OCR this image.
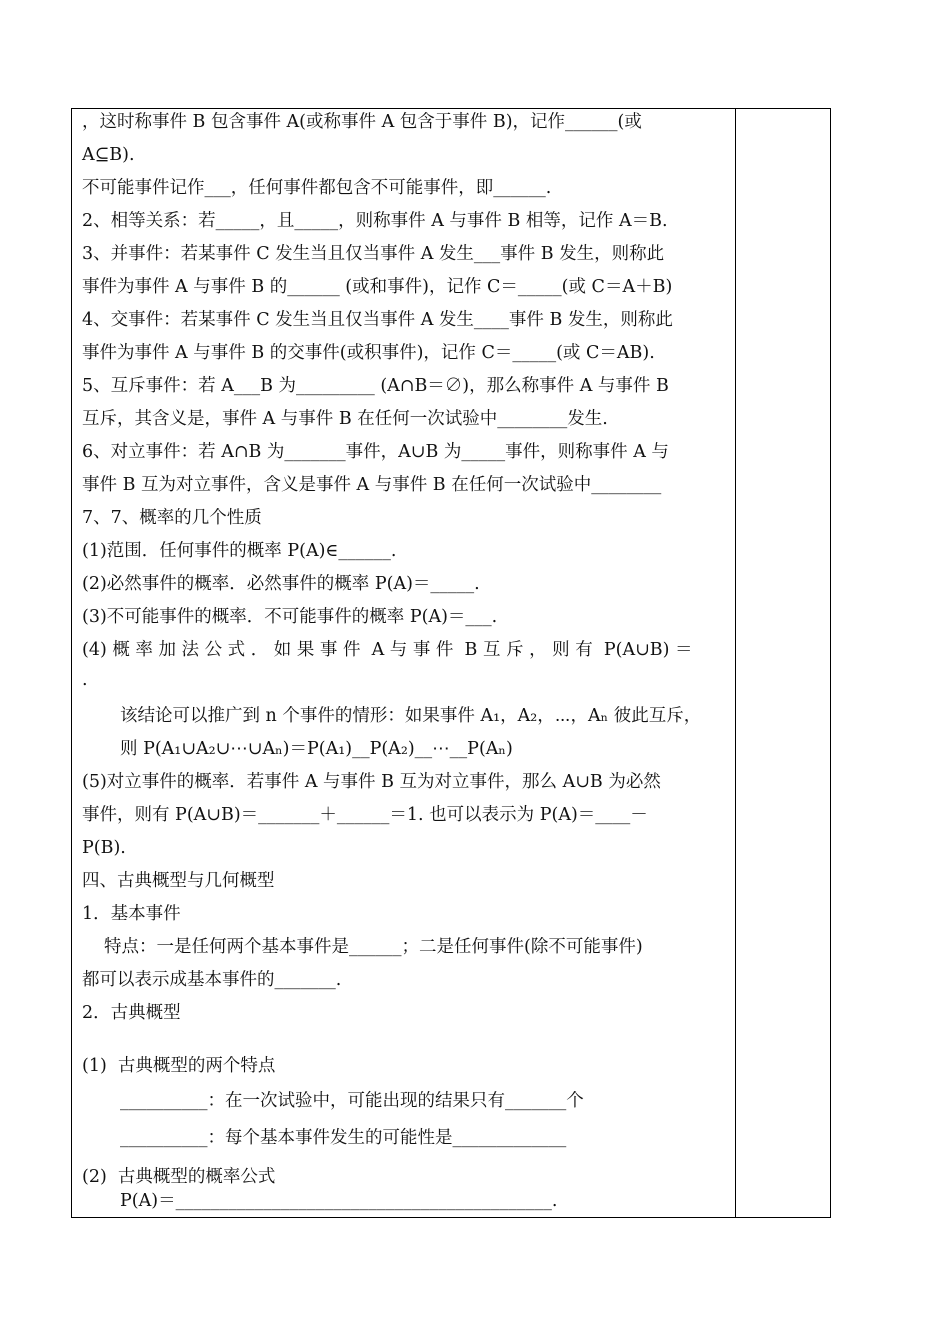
，这时称事件 B 包含事件 A(或称事件 A 包含于事件 B)，记作______(或
A⊆B).
不可能事件记作___，任何事件都包含不可能事件，即______.
2、相等关系：若_____，且_____，则称事件 A 与事件 B 相等，记作 A＝B.
3、并事件：若某事件 C 发生当且仅当事件 A 发生___事件 B 发生，则称此
事件为事件 A 与事件 B 的______ (或和事件)，记作 C＝_____(或 C＝A＋B)
4、交事件：若某事件 C 发生当且仅当事件 A 发生____事件 B 发生，则称此
事件为事件 A 与事件 B 的交事件(或积事件)，记作 C＝_____(或 C＝AB).
5、互斥事件：若 A___B 为_________ (A∩B＝∅)，那么称事件 A 与事件 B
互斥，其含义是，事件 A 与事件 B 在任何一次试验中________发生.
6、对立事件：若 A∩B 为_______事件，A∪B 为_____事件，则称事件 A 与
事件 B 互为对立事件，含义是事件 A 与事件 B 在任何一次试验中________
7、7、概率的几个性质
(1)范围．任何事件的概率 P(A)∈______.
(2)必然事件的概率．必然事件的概率 P(A)＝_____.
(3)不可能事件的概率．不可能事件的概率 P(A)＝___.
(4) 概 率 加 法 公 式 ． 如 果 事 件  A 与 事 件  B 互 斥 ， 则 有  P(A∪B) ＝
.
该结论可以推广到 n 个事件的情形：如果事件 A₁，A₂，⋯，Aₙ 彼此互斥，
则 P(A₁∪A₂∪⋯∪Aₙ)＝P(A₁)__P(A₂)__⋯__P(Aₙ)
(5)对立事件的概率．若事件 A 与事件 B 互为对立事件，那么 A∪B 为必然
事件，则有 P(A∪B)＝_______＋______＝1. 也可以表示为 P(A)＝____－
P(B).
四、古典概型与几何概型
1．基本事件
特点：一是任何两个基本事件是______；二是任何事件(除不可能事件)
都可以表示成基本事件的_______.
2．古典概型
(1)  古典概型的两个特点
__________：在一次试验中，可能出现的结果只有_______个
__________：每个基本事件发生的可能性是_____________
(2)  古典概型的概率公式
P(A)＝___________________________________________.
